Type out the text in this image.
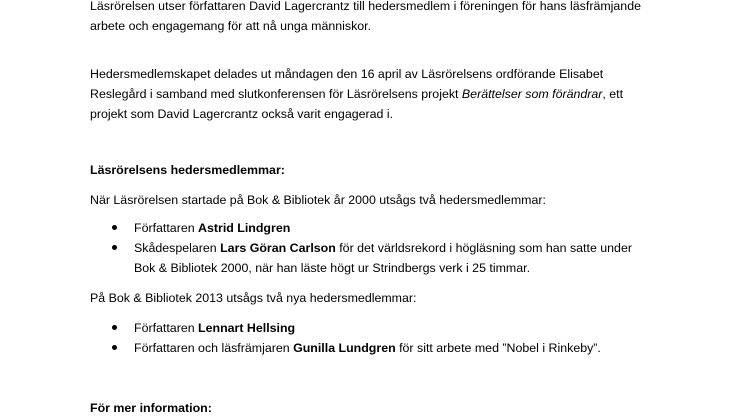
Läsrörelsen utser författaren David Lagercrantz till hedersmedlem i föreningen för hans läsfrämjande
arbete och engagemang för att nå unga människor.

Hedersmedlemskapet delades ut måndagen den 16 april av Läsrörelsens ordförande Elisabet
Reslegård i samband med slutkonferensen för Läsrörelsens projekt Berättelser som förändrar, ett
projekt som David Lagercrantz också varit engagerad i.

Läsrörelsens hedersmedlemmar:

När Läsrörelsen startade på Bok & Bibliotek år 2000 utsågs två hedersmedlemmar:

Författaren Astrid Lindgren
Skådespelaren Lars Göran Carlson för det världsrekord i högläsning som han satte under
Bok & Bibliotek 2000, när han läste högt ur Strindbergs verk i 25 timmar.

På Bok & Bibliotek 2013 utsågs två nya hedersmedlemmar:

Författaren Lennart Hellsing
Författaren och läsfrämjaren Gunilla Lundgren för sitt arbete med ”Nobel i Rinkeby”.

För mer information:
